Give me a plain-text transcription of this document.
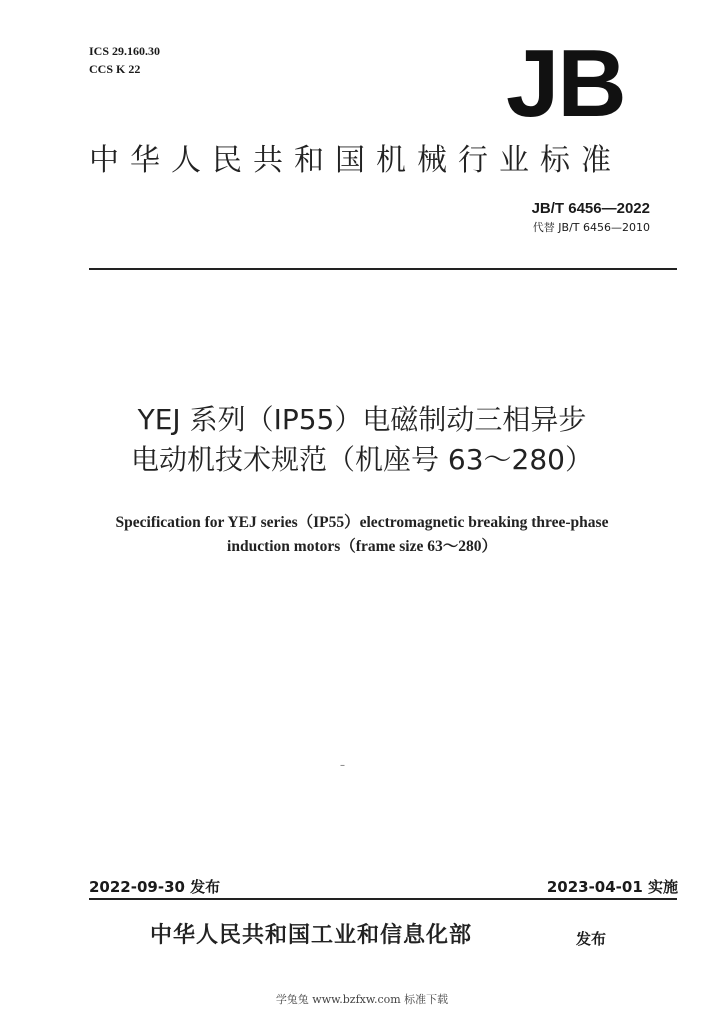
ICS 29.160.30
CCS K 22	JB
中华人民共和国机械行业标准
JB/T 6456—2022
代替 JB/T 6456—2010
YEJ 系列（IP55）电磁制动三相异步
电动机技术规范（机座号 63～280）
Specification for YEJ series（IP55）electromagnetic breaking three-phase
induction motors（frame size 63～280）
–
2022-09-30 发布	2023-04-01 实施
中华人民共和国工业和信息化部	发布
学兔兔 www.bzfxw.com 标准下载
